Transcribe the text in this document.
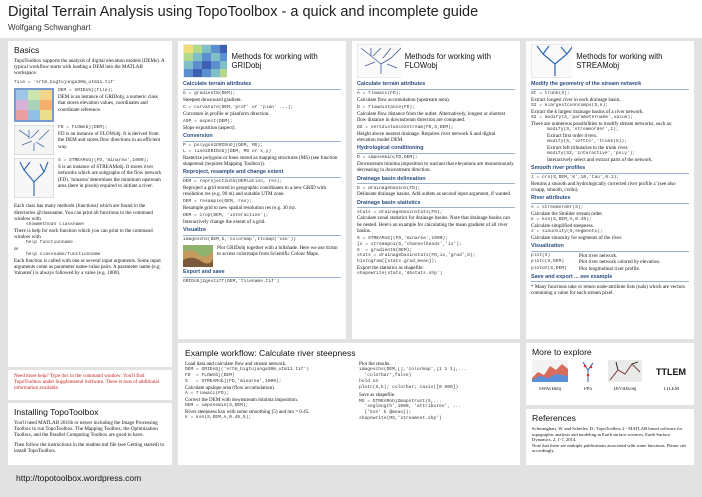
Digital Terrain Analysis using TopoToolbox - a quick and incomplete guide
Wolfgang Schwanghart
Basics
TopoToolbox supports the analysis of digital elevation models (DEMs). A typical workflow starts with loading a DEM into the MATLAB workspace.
file = 'srtm_bigtujunga30m_utm11.tif'
DEM = GRIDobj(file);
DEM is an instance of GRIDobj, a numeric class that stores elevation values, coordinates and coordinate reference.
FD = FLOWobj(DEM);
FD is an instance of FLOWobj. It is derived from the DEM and stores flow directions in an efficient way.
S = STREAMobj(FD,'minarea',1000);
S is an instance of STREAMobj. It stores river networks which are subgraphs of the flow network (FD). 'minarea' determines the minimum upstream area (here in pixels) required to initiate a river.
Each class has many methods (functions) which are found in the directories @classname. You can print all functions to the command window with
showmethods classname
There is help for each function which you can print to the command window with
help functionname
or
help classname/functionname
Each function is called with one or several input arguments. Some input arguments come as parameter name-value pairs. A parameter name (e.g. 'minarea') is always followed by a value (e.g. 1000).
Need more help? Type doc in the command window: You'll find TopoToolbox under Supplemental Software. There is tons of additional information available.
Installing TopoToolbox
You'll need MATLAB 2016b or newer including the Image Processing Toolbox to run TopoToolbox. The Mapping Toolbox, the Optimization Toolbox, and the Parallel Computing Toolbox are good to have.
Then follow the instructions in the readme.md file (see Getting started) to install TopoToolbox.
http://topotoolbox.wordpress.com
Methods for working with GRIDobj
Calculate terrain attributes
G = gradient8(DEM);
Steepest downward gradient.
C = curvature(DEM,'prof' or 'plan' ...);
Curvature in profile or planform direction.
ASP = aspect(DEM);
Slope exposition (aspect).
Conversion
P = polygon2GRIDobj(DEM, MS);
L = line2GRIDobj(DEM, MS or x,y)
Rasterize polygons or lines stored as mapping structures (MS) (see function shaperead (requires Mapping Toolbox)).
Reproject, resample and change extent
DEM = reproject2utm(DEMlatlon, res);
Reproject a grid stored in geographic coordinates to a new GRID with resolution res (e.g. 90 m) and suitable UTM zone.
DEM = resample(DEM, res);
Resample grid to new spatial resolution res (e.g. 30 m).
DEM = crop(DEM, 'interactive');
Interactively change the extent of a grid.
Visualize
imageschs(DEM,G,'colormap',ttcmap('vik'))
Plot GRIDobj together with a hillshade. Here we use ttcmn to access colormaps from Scientific Colour Maps.
Export and save
GRIDobj2geotiff(DEM,'filename.tif')
Methods for working with FLOWobj
Calculate terrain attributes
A = flowacc(FD);
Calculate flow accumulation (upstream area).
D = flowdistance(FD);
Calculate flow distance from the outlet. Alternatively, longest or shortest flow distance in downstream direction are computed.
DZ = vertdistance2stream(FD,S,DEM);
Height above nearest drainage. Requires river network S and digital elevation model DEM.
Hydrological conditioning
D = imposemin(FD,DEM);
Downstream minima imposition to warrant that elevations are monotonously decreasing in downstream direction.
Drainage basin delineation
D = drainagebasins(FD);
Delineate drainage basins. Add outlets as second input argument, if wanted.
Drainage basin statistics
stats = drainagebasinstats(FD);
Calculate zonal statistics for drainage basins. Note that drainage basins can be nested. Here's an example for calculating the mean gradient of all river basins.
S = STREAMobj(FD,'minarea',1000);
[x = streampoi(S,'channelheads','ix');
G  = gradient8(DEM);
stats = drainagebasinstats(FD,ix,'grad',G);
histogram([stats.grad_mean]);
Export the statistics as shapefile:
shapewrite(stats,'dbstats.shp')
Methods for working with STREAMobj
Modify the geometry of the stream network
St = trunk(S);
Extract longest river in each drainage basin.
S2 = klargestconncomps(S,k);
Extract the k largest drainage basins of a river network.
S2 = modify(S,'parametername',value);
There are numerous possibilities to modify stream networks, such as:
modify(S,'streamorder',1);
Extract first order rivers.
modify(S,'leftto','trunk(S));
Extract left tributaries to the trunk river.
modify(S2,'interactive','poly');
Interactively select and extract parts of the network.
Smooth river profiles
z = crs(S,DEM,'K',10,'tau',0.2);
Returns a smooth and hydrologically corrected river profile z' (see also crsapp, smooth, crslin).
River attributes
s = streamorder(S);
Calculate the Strahler stream order.
k = ksn(S,DEM,A,0.45);
Calculate simplified steepness.
z = sinuosity(S,segments);
Calculate sinuosity for segments of the river.
Visualization
plot(S)	Plot river network.
plotc(S,DEM)	Plot river network colored by elevation.
plotdz(S,DEM)	Plot longitudinal river profile.
Save and export ... see example
* Many functions take or return node-attribute lists (nals) which are vectors containing a value for each stream pixel.
Example workflow: Calculate river steepness
Load data and calculate flow and stream network.
DEM = GRIDobj('srtm_bigtujunga30m_utm11.tif')
FD  = FLOWobj(DEM)
S   = STREAMobj(FD,'minarea',1000);
Calculate upslope area (flow accumulation).
A = flowacc(FD);
Correct the DEM with downstream minima imposition.
DEM = imposemin(S,DEM);
River steepness ksn with some smoothing (5) and mn = 0.45.
k = ksn(S,DEM,A,0.45,5);
Plot the results.
imageschs(DEM,[],'colormap',[1 1 1],...
'colorbar',false)
hold on
plotc(S,k); colorbar; caxis([0 500])
Save as shapefile.
MS = STREAMobj2mapstruct(S,...
'seglength',1000, 'attributes', ...
{'ksn' k @mean});
shapewrite(MS,'streamnet.shp')
More to explore
SWATHobj	PPS	DIVIDEobj
TTLEM
TTLEM
References
Schwanghart, W. and Scherler, D.: TopoToolbox 2 - MATLAB based software for topographic analysis and modeling in Earth surface sciences, Earth Surface Dynamics, 2, 1-7, 2014.
Note that there are multiple publications associated with some functions. Please cite accordingly.
